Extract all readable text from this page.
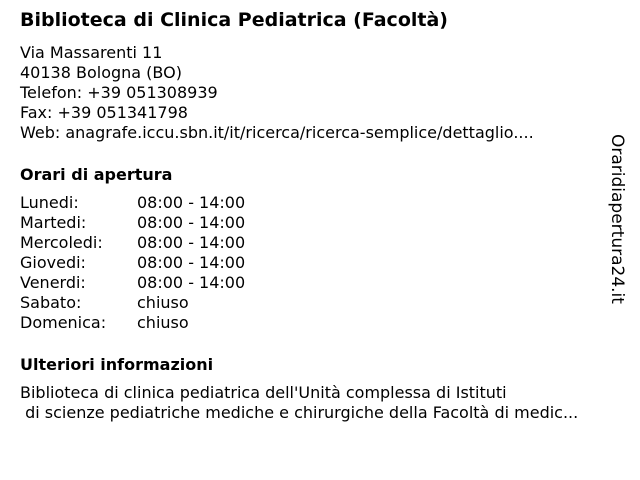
Biblioteca di Clinica Pediatrica (Facoltà)
Via Massarenti 11
40138 Bologna (BO)
Telefon: +39 051308939
Fax: +39 051341798
Web: anagrafe.iccu.sbn.it/it/ricerca/ricerca-semplice/dettaglio....
Orari di apertura
Lunedi:	08:00 - 14:00
Martedi:	08:00 - 14:00
Mercoledi: 08:00 - 14:00
Giovedi:	08:00 - 14:00
Venerdi:	08:00 - 14:00
Sabato:	chiuso
Domenica: chiuso
Ulteriori informazioni
Biblioteca di clinica pediatrica dell'Unità complessa di Istituti
di scienze pediatriche mediche e chirurgiche della Facoltà di medic...
Oraridiapertura24.it
